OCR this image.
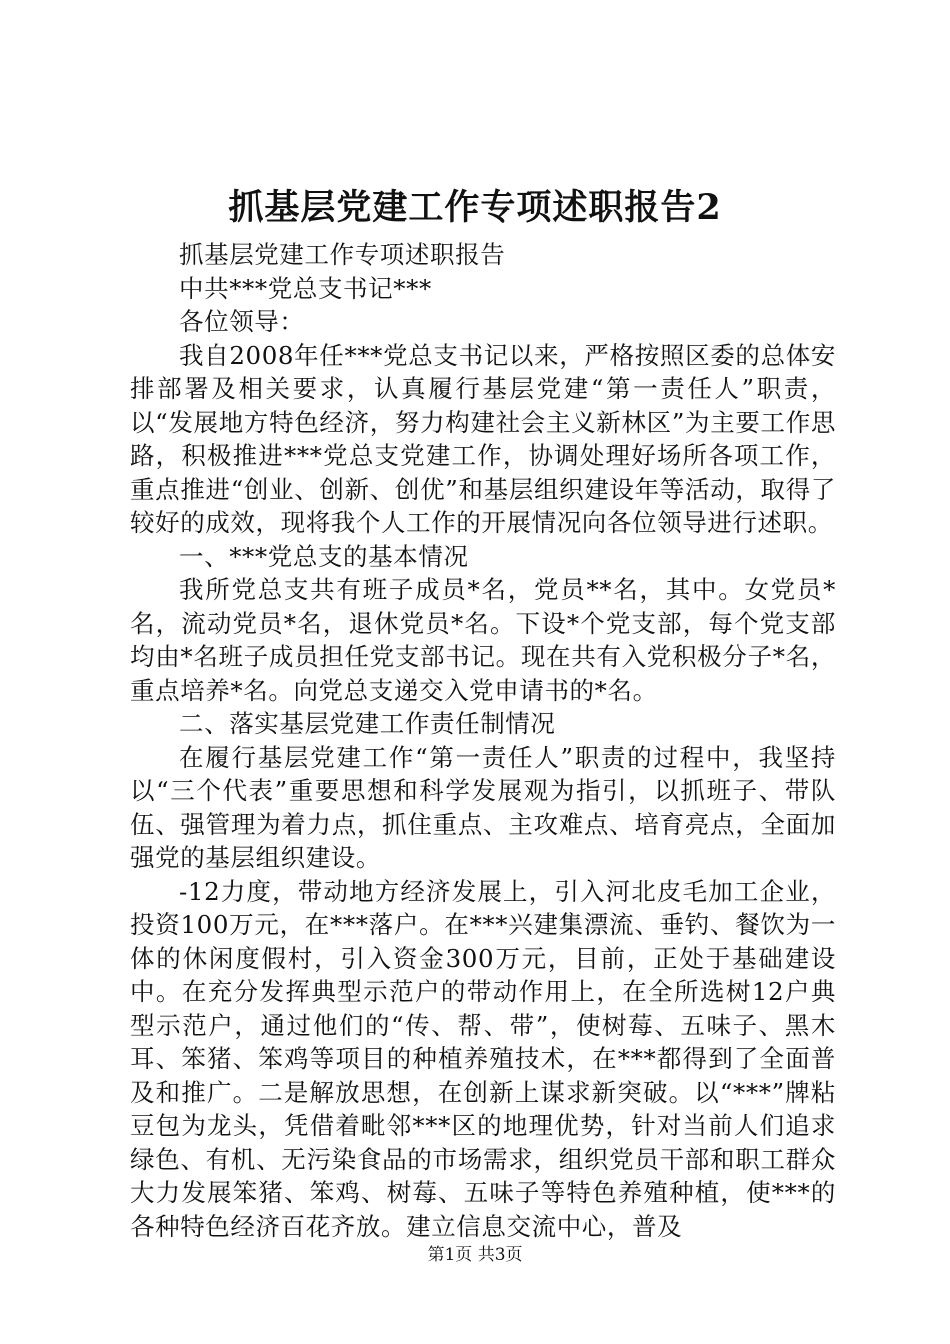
抓基层党建工作专项述职报告2

抓基层党建工作专项述职报告

中共***党总支书记***

各位领导：

我自2008年任***党总支书记以来，严格按照区委的总体安排部署及相关要求，认真履行基层党建“第一责任人”职责，以“发展地方特色经济，努力构建社会主义新林区”为主要工作思路，积极推进***党总支党建工作，协调处理好场所各项工作，重点推进“创业、创新、创优”和基层组织建设年等活动，取得了较好的成效，现将我个人工作的开展情况向各位领导进行述职。

一、***党总支的基本情况

我所党总支共有班子成员*名，党员**名，其中。女党员*名，流动党员*名，退休党员*名。下设*个党支部，每个党支部均由*名班子成员担任党支部书记。现在共有入党积极分子*名，重点培养*名。向党总支递交入党申请书的*名。

二、落实基层党建工作责任制情况

在履行基层党建工作“第一责任人”职责的过程中，我坚持以“三个代表”重要思想和科学发展观为指引，以抓班子、带队伍、强管理为着力点，抓住重点、主攻难点、培育亮点，全面加强党的基层组织建设。

-12力度，带动地方经济发展上，引入河北皮毛加工企业，投资100万元，在***落户。在***兴建集漂流、垂钓、餐饮为一体的休闲度假村，引入资金300万元，目前，正处于基础建设中。在充分发挥典型示范户的带动作用上，在全所选树12户典型示范户，通过他们的“传、帮、带”，使树莓、五味子、黑木耳、笨猪、笨鸡等项目的种植养殖技术，在***都得到了全面普及和推广。二是解放思想，在创新上谋求新突破。以“***”牌粘豆包为龙头，凭借着毗邻***区的地理优势，针对当前人们追求绿色、有机、无污染食品的市场需求，组织党员干部和职工群众大力发展笨猪、笨鸡、树莓、五味子等特色养殖种植，使***的各种特色经济百花齐放。建立信息交流中心，普及

第1页 共3页
